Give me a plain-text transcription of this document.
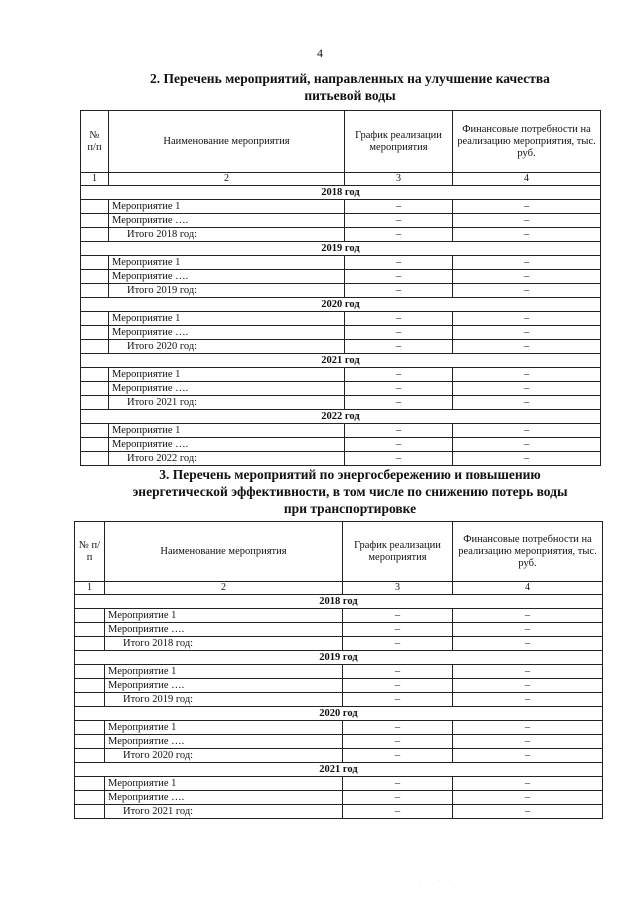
4
2. Перечень мероприятий, направленных на улучшение качества
питьевой воды
№ п/п	Наименование мероприятия	График реализации мероприятия	Финансовые потребности на реализацию мероприятия, тыс. руб.
1	2	3	4
2018 год			
	Мероприятие 1	–	–
	Мероприятие ….	–	–
	Итого 2018 год:	–	–
2019 год			
	Мероприятие 1	–	–
	Мероприятие ….	–	–
	Итого 2019 год:	–	–
2020 год			
	Мероприятие 1	–	–
	Мероприятие ….	–	–
	Итого 2020 год:	–	–
2021 год			
	Мероприятие 1	–	–
	Мероприятие ….	–	–
	Итого 2021 год:	–	–
2022 год			
	Мероприятие 1	–	–
	Мероприятие ….	–	–
	Итого 2022 год:	–	–
3. Перечень мероприятий по энергосбережению и повышению
энергетической эффективности, в том числе по снижению потерь воды
при транспортировке
№ п/п	Наименование мероприятия	График реализации мероприятия	Финансовые потребности на реализацию мероприятия, тыс. руб.
1	2	3	4
2018 год			
	Мероприятие 1	–	–
	Мероприятие ….	–	–
	Итого 2018 год:	–	–
2019 год			
	Мероприятие 1	–	–
	Мероприятие ….	–	–
	Итого 2019 год:	–	–
2020 год			
	Мероприятие 1	–	–
	Мероприятие ….	–	–
	Итого 2020 год:	–	–
2021 год			
	Мероприятие 1	–	–
	Мероприятие ….	–	–
	Итого 2021 год:	–	–
· · · · · ·
